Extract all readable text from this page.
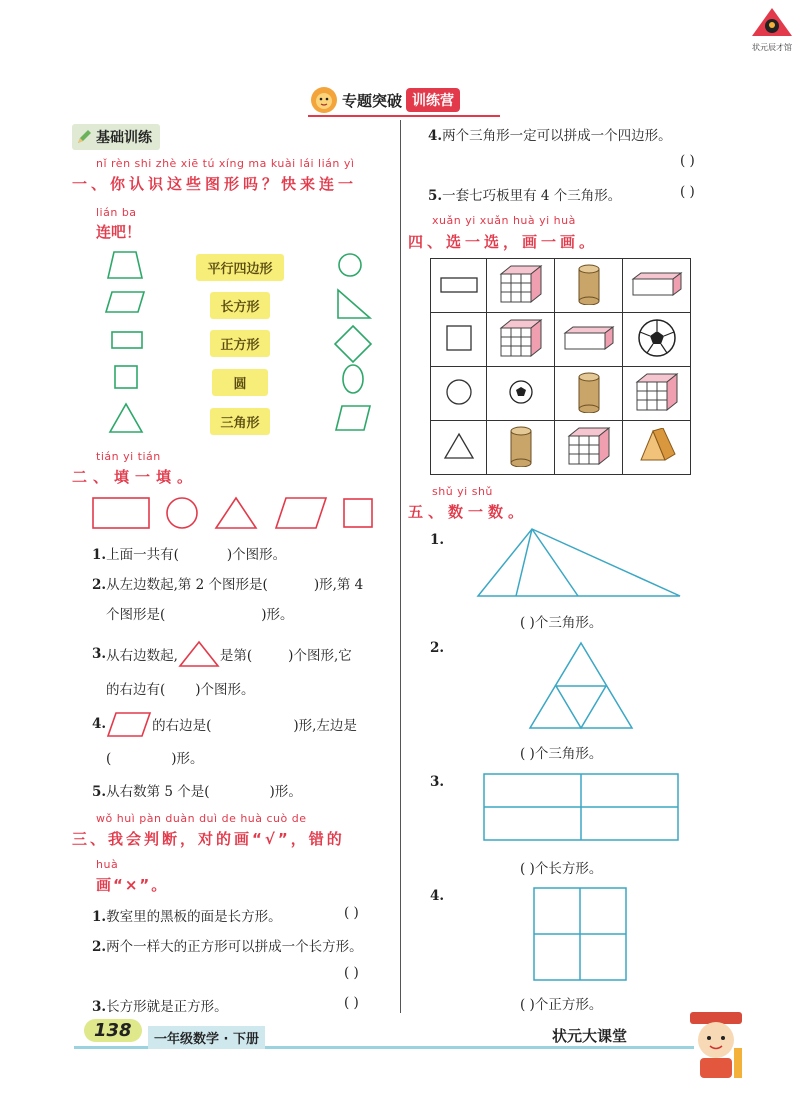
状元辰才馆
专题突破 训练营
基础训练
nǐ rèn shi zhè xiē tú xíng ma kuài lái lián yì
一、你认识这些图形吗？快来连一
lián ba
连吧！
平行四边形
长方形
正方形
圆
三角形
tián yi tián
二、填一填。
1.上面一共有(	)个图形。
2.从左边数起,第 2 个图形是(	)形,第 4
个图形是(	)形。
3. 从右边数起,	是第(	)个图形,它
的右边有( )个图形。
4.	的右边是(	)形,左边是
(	)形。
5.从右数第 5 个是(	)形。
wǒ huì pàn duàn duì de huà cuò de
三、我会判断，对的画“√”，错的
huà
画“×”。
1.教室里的黑板的面是长方形。	( )
2.两个一样大的正方形可以拼成一个长方形。
( )
3.长方形就是正方形。	( )
4.两个三角形一定可以拼成一个四边形。
( )
5.一套七巧板里有 4 个三角形。	( )
xuǎn yi xuǎn huà yi huà
四、选一选，画一画。

shǔ yi shǔ
五、数一数。
1.
( )个三角形。
2.
( )个三角形。
3.
( )个长方形。
4.
( )个正方形。
138	一年级数学 · 下册	状元大课堂
